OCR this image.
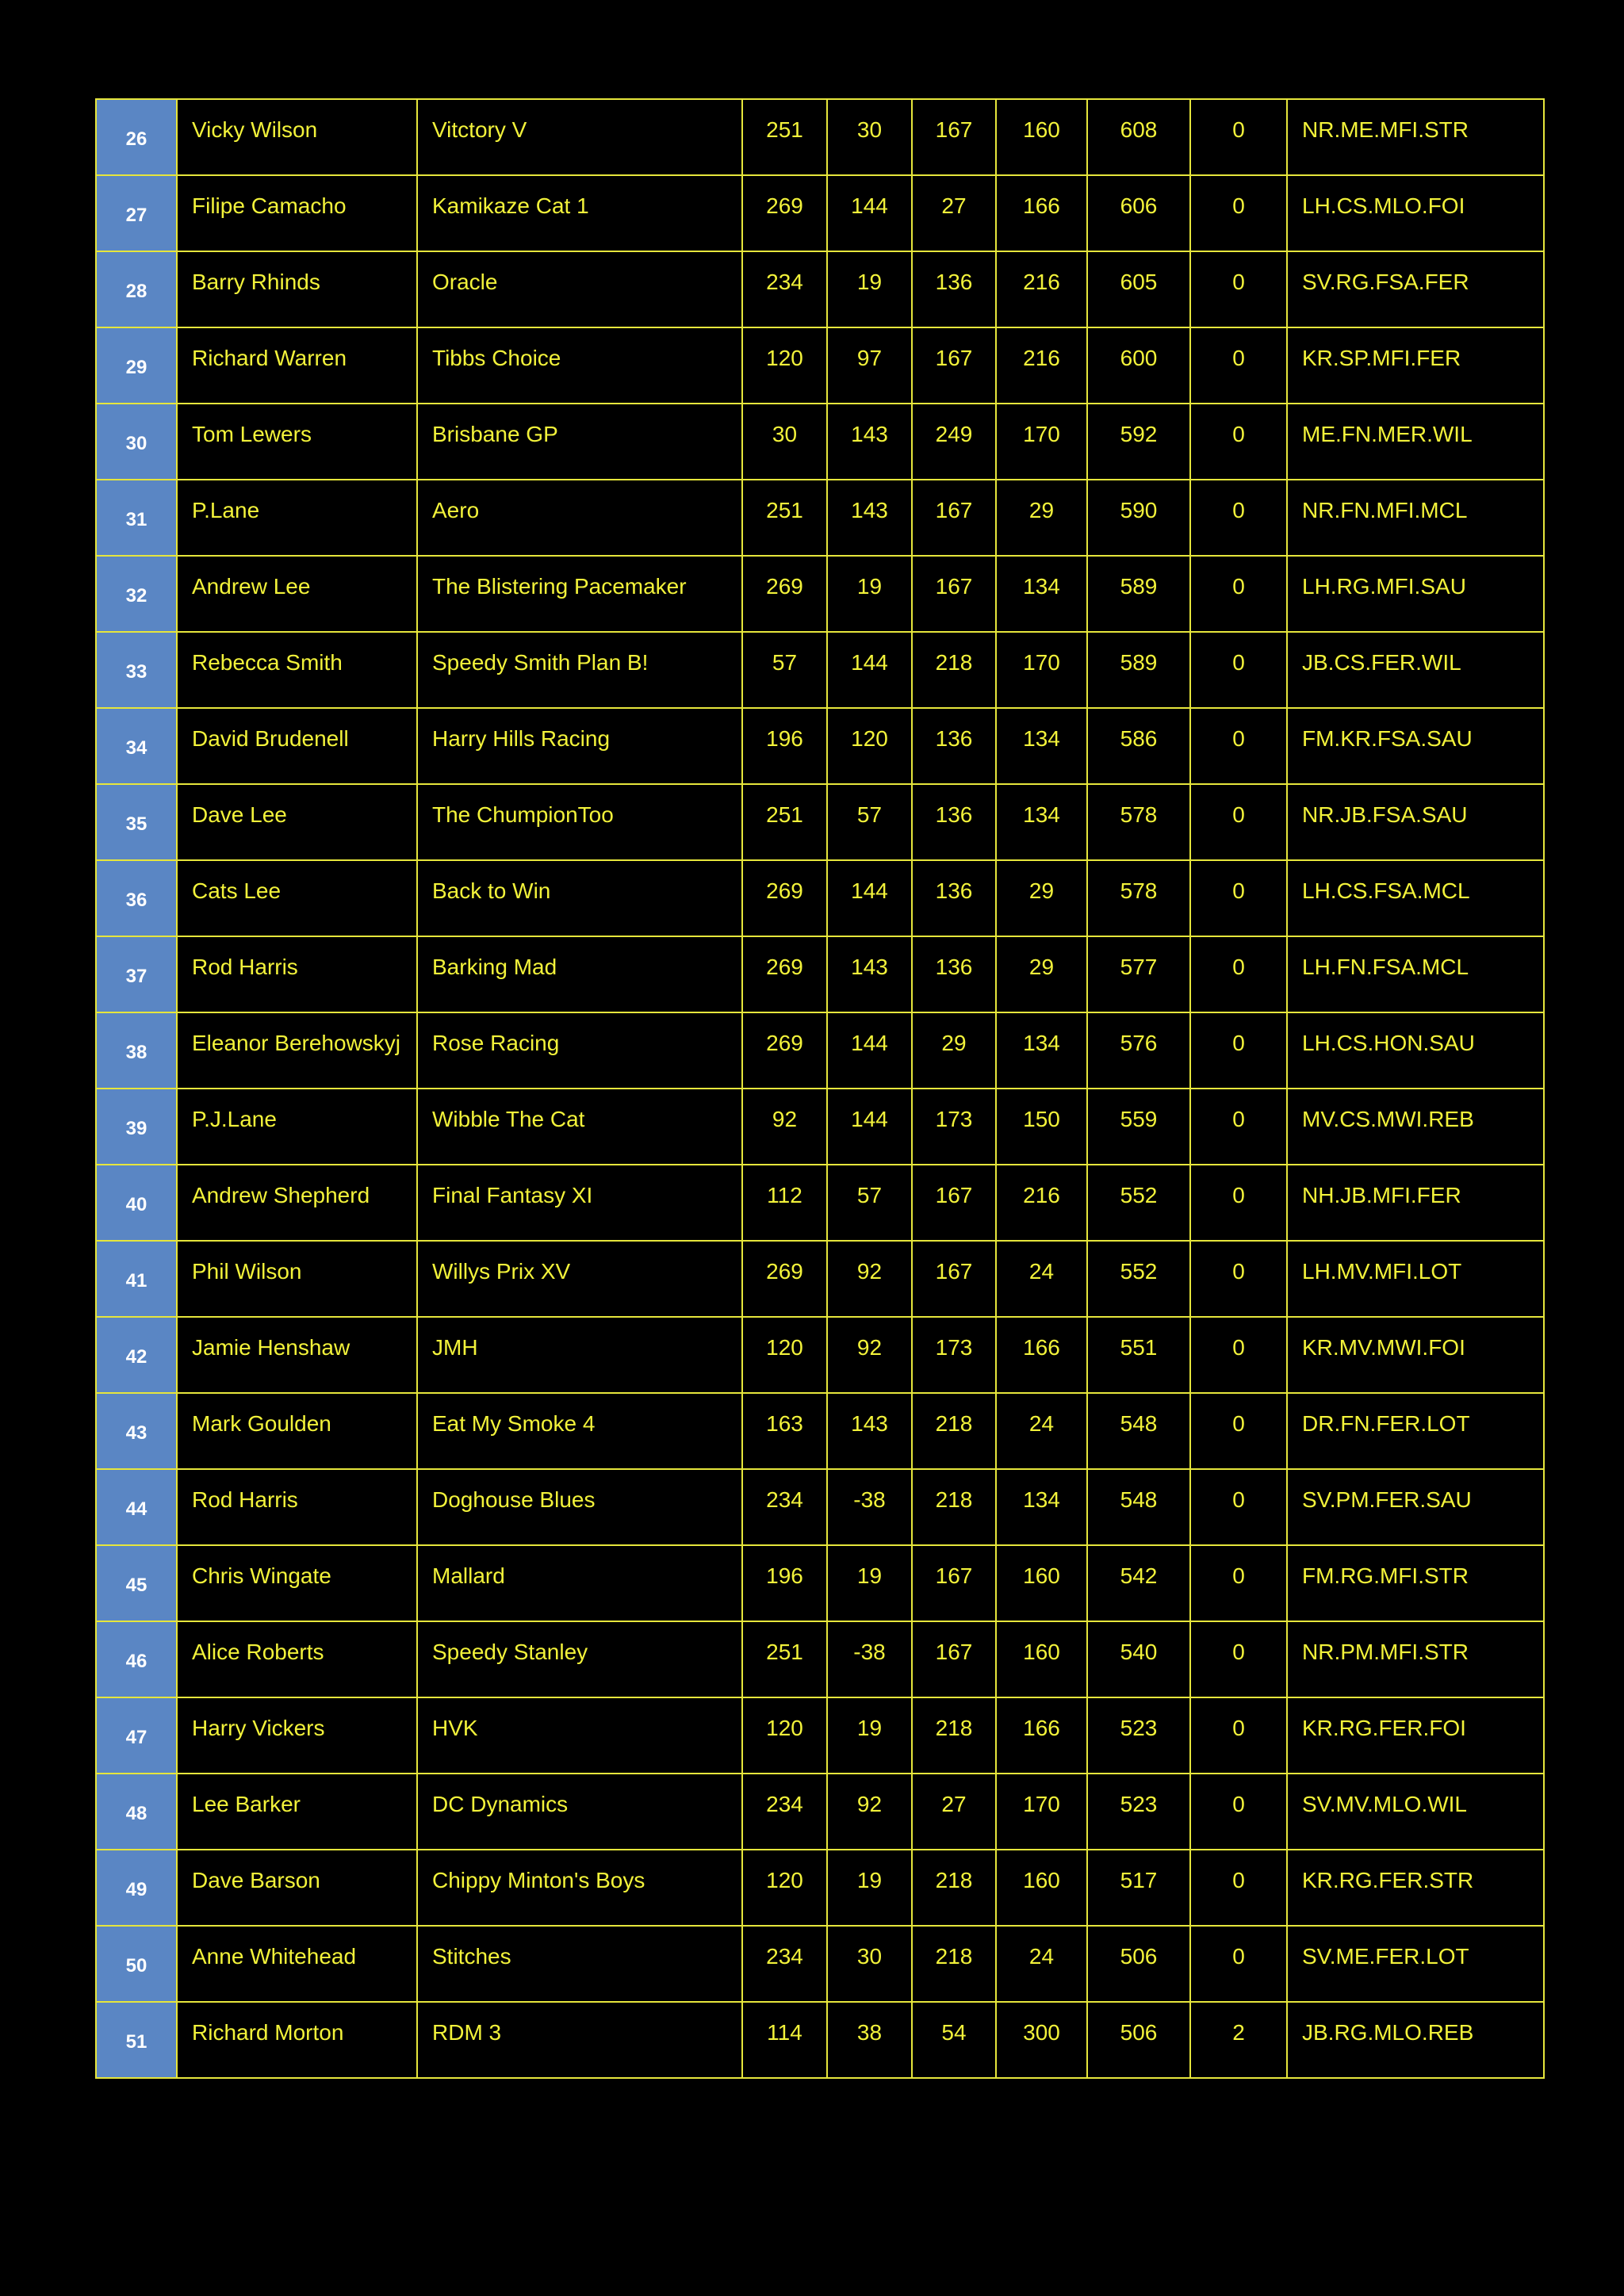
26	Vicky Wilson	Vitctory V	251	30	167	160	608	0	NR.ME.MFI.STR

27	Filipe Camacho	Kamikaze Cat 1	269	144	27	166	606	0	LH.CS.MLO.FOI

28	Barry Rhinds	Oracle	234	19	136	216	605	0	SV.RG.FSA.FER

29	Richard Warren	Tibbs Choice	120	97	167	216	600	0	KR.SP.MFI.FER

30	Tom Lewers	Brisbane GP	30	143	249	170	592	0	ME.FN.MER.WIL

31	P.Lane	Aero	251	143	167	29	590	0	NR.FN.MFI.MCL

32	Andrew Lee	The Blistering Pacemaker	269	19	167	134	589	0	LH.RG.MFI.SAU

33	Rebecca Smith	Speedy Smith Plan B!	57	144	218	170	589	0	JB.CS.FER.WIL

34	David Brudenell	Harry Hills Racing	196	120	136	134	586	0	FM.KR.FSA.SAU

35	Dave Lee	The ChumpionToo	251	57	136	134	578	0	NR.JB.FSA.SAU

36	Cats Lee	Back to Win	269	144	136	29	578	0	LH.CS.FSA.MCL

37	Rod Harris	Barking Mad	269	143	136	29	577	0	LH.FN.FSA.MCL

38	Eleanor Berehowskyj	Rose Racing	269	144	29	134	576	0	LH.CS.HON.SAU

39	P.J.Lane	Wibble The Cat	92	144	173	150	559	0	MV.CS.MWI.REB

40	Andrew Shepherd	Final Fantasy XI	112	57	167	216	552	0	NH.JB.MFI.FER

41	Phil Wilson	Willys Prix XV	269	92	167	24	552	0	LH.MV.MFI.LOT

42	Jamie Henshaw	JMH	120	92	173	166	551	0	KR.MV.MWI.FOI

43	Mark Goulden	Eat My Smoke 4	163	143	218	24	548	0	DR.FN.FER.LOT

44	Rod Harris	Doghouse Blues	234	-38	218	134	548	0	SV.PM.FER.SAU

45	Chris Wingate	Mallard	196	19	167	160	542	0	FM.RG.MFI.STR

46	Alice Roberts	Speedy Stanley	251	-38	167	160	540	0	NR.PM.MFI.STR

47	Harry Vickers	HVK	120	19	218	166	523	0	KR.RG.FER.FOI

48	Lee Barker	DC Dynamics	234	92	27	170	523	0	SV.MV.MLO.WIL

49	Dave Barson	Chippy Minton's Boys	120	19	218	160	517	0	KR.RG.FER.STR

50	Anne Whitehead	Stitches	234	30	218	24	506	0	SV.ME.FER.LOT

51	Richard Morton	RDM 3	114	38	54	300	506	2	JB.RG.MLO.REB
